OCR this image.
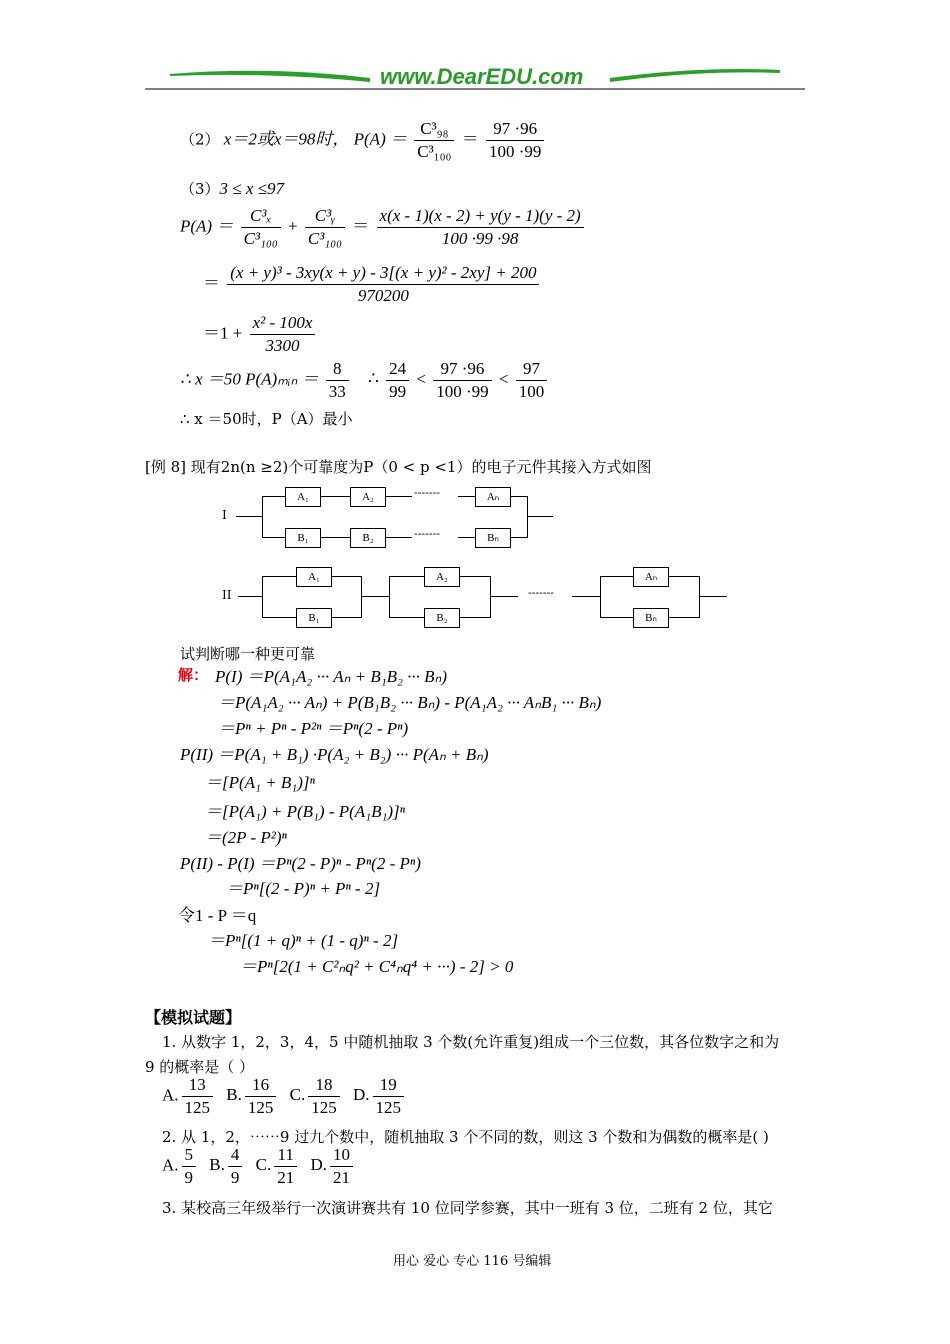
www.DearEDU.com
（2） x＝2或x＝98时， $P(A) = \frac{\text{C³₉₈}}{\text{C³₁₀₀}} = \frac{97 \cdot 96}{100 \cdot 99}$
（3）3 ≤ x ≤97
$P(A) = \frac{\text{C³ₓ}}{\text{C³₁₀₀}} + \frac{\text{C³ᵧ}}{\text{C³₁₀₀}} = \frac{x(x - 1)(x - 2) + y(y - 1)(y - 2)}{100 \cdot 99 \cdot 98}$
＝ $\frac{\text{(x + y)³ - 3xy(x + y) - 3[(x + y)² - 2xy] + 200}}{970200}$
$=1 + \frac{\text{x² - 100x}}{3300}$
∴ x ＝50 P(A)ₘᵢₙ ＝ $\frac{8}{33}$ ∴ $\frac{24}{99} < \frac{97 \cdot 96}{100 \cdot 99} < \frac{97}{100}$
∴ x ＝50时，P（A）最小
[例 8] 现有2n(n ≥2)个可靠度为P（0 < p <1）的电子元件其接入方式如图
I
-------
-------
A₁	A₂	Aₙ
B₁	B₂	Bₙ
II	-------
A₁
B₁
A₂
B₂
Aₙ
Bₙ
试判断哪一种更可靠
解： P(I) ＝P(A₁A₂ ··· Aₙ + B₁B₂ ··· Bₙ)
＝P(A₁A₂ ··· Aₙ) + P(B₁B₂ ··· Bₙ) - P(A₁A₂ ··· AₙB₁ ··· Bₙ)
＝Pⁿ + Pⁿ - P²ⁿ ＝Pⁿ(2 - Pⁿ)
P(II) ＝P(A₁ + B₁) ·P(A₂ + B₂) ··· P(Aₙ + Bₙ)
＝[P(A₁ + B₁)]ⁿ
＝[P(A₁) + P(B₁) - P(A₁B₁)]ⁿ
＝(2P - P²)ⁿ
P(II) - P(I) ＝Pⁿ(2 - P)ⁿ - Pⁿ(2 - Pⁿ)
＝Pⁿ[(2 - P)ⁿ + Pⁿ - 2]
令1 - P ＝q
＝Pⁿ[(1 + q)ⁿ + (1 - q)ⁿ - 2]
＝Pⁿ[2(1 + C²ₙq² + C⁴ₙq⁴ + ···) - 2] > 0
【模拟试题】
1. 从数字 1，2，3，4，5 中随机抽取 3 个数(允许重复)组成一个三位数，其各位数字之和为
9 的概率是（ ）
A. $\frac{13}{125} B$. $\frac{16}{125} C$. $\frac{18}{125} D$. $\frac{19}{125}$
2. 从 1，2，⋯⋯9 过九个数中，随机抽取 3 个不同的数，则这 3 个数和为偶数的概率是( )
A. $\frac{5}{9} B$. $\frac{4}{9} C$. $\frac{11}{21} D$. $\frac{10}{21}$
3. 某校高三年级举行一次演讲赛共有 10 位同学参赛，其中一班有 3 位，二班有 2 位，其它
用心 爱心 专心 116 号编辑
